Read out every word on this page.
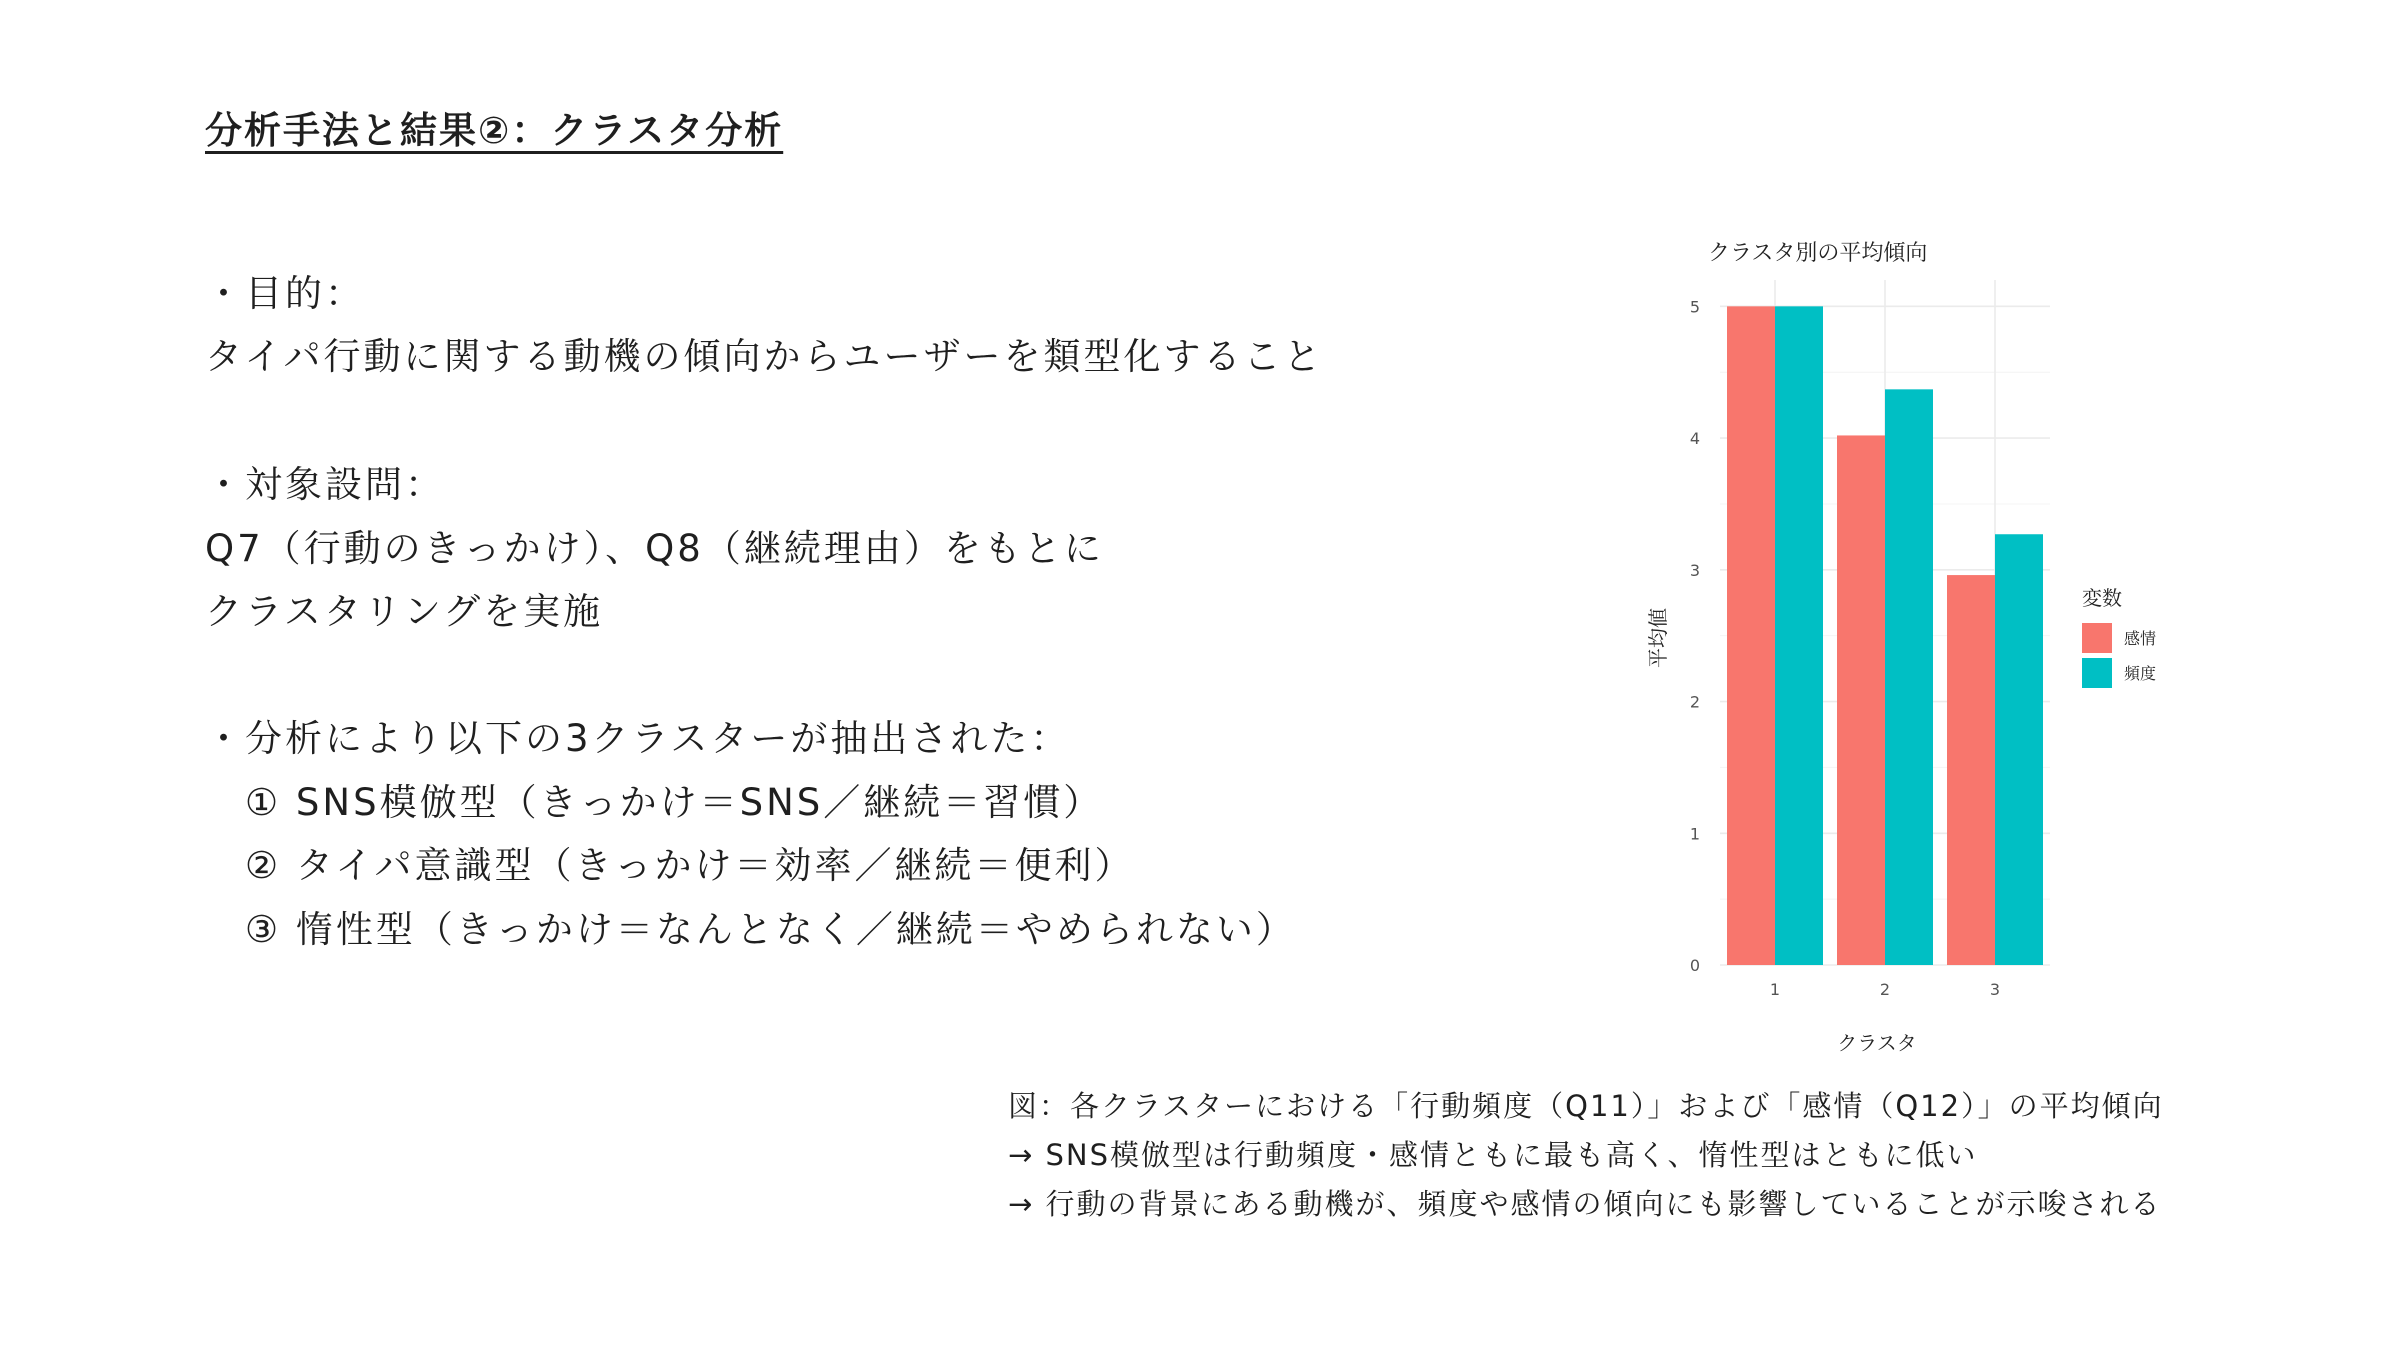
分析手法と結果②：クラスタ分析
・目的：
タイパ行動に関する動機の傾向からユーザーを類型化すること
・対象設問：
Q7（行動のきっかけ）、Q8（継続理由）をもとに
クラスタリングを実施
・分析により以下の3クラスターが抽出された：
① SNS模倣型（きっかけ＝SNS／継続＝習慣）
② タイパ意識型（きっかけ＝効率／継続＝便利）
③ 惰性型（きっかけ＝なんとなく／継続＝やめられない）
クラスタ別の平均傾向
1	2	3
0
1
2
3
4
5
クラスタ
平均値
変数
感情
頻度
図：各クラスターにおける「行動頻度（Q11）」および「感情（Q12）」の平均傾向
→ SNS模倣型は行動頻度・感情ともに最も高く、惰性型はともに低い
→ 行動の背景にある動機が、頻度や感情の傾向にも影響していることが示唆される
